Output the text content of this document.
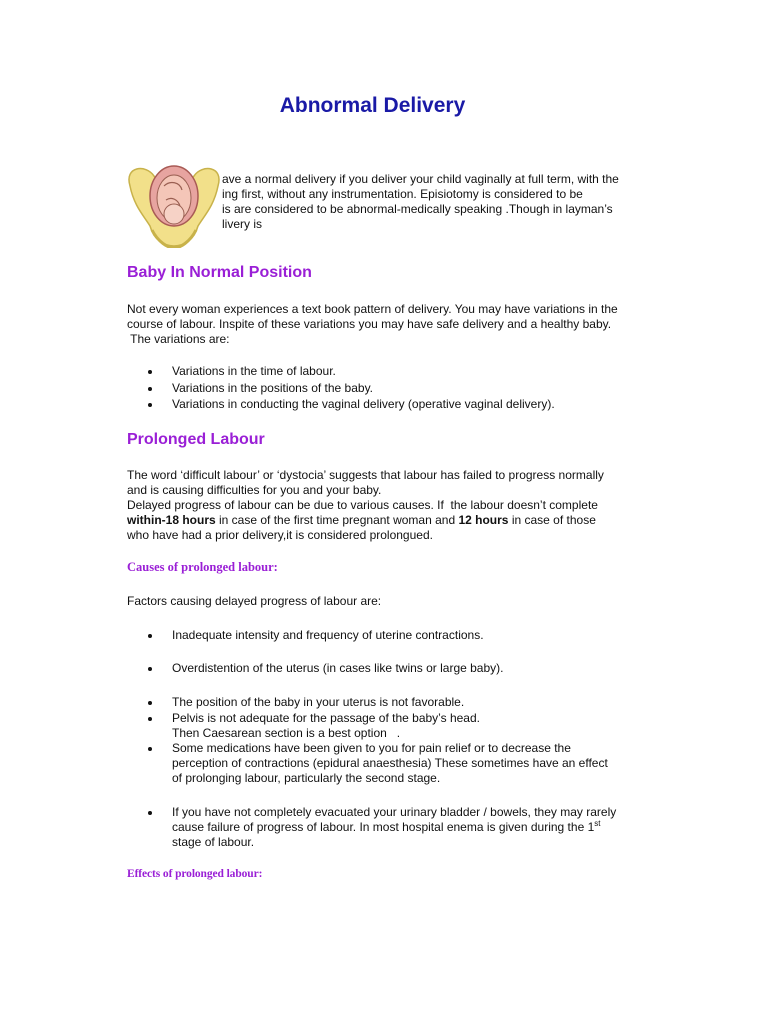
Abnormal Delivery
ave a normal delivery if you deliver your child vaginally at full term, with the
ing first, without any instrumentation. Episiotomy is considered to be
is are considered to be abnormal-medically speaking .Though in layman’s
livery is
Baby In Normal Position
Not every woman experiences a text book pattern of delivery. You may have variations in the
course of labour. Inspite of these variations you may have safe delivery and a healthy baby.
The variations are:
Variations in the time of labour.
Variations in the positions of the baby.
Variations in conducting the vaginal delivery (operative vaginal delivery).
Prolonged Labour
The word ‘difficult labour’ or ‘dystocia’ suggests that labour has failed to progress normally
and is causing difficulties for you and your baby.
Delayed progress of labour can be due to various causes. If  the labour doesn’t complete
within-18 hours in case of the first time pregnant woman and 12 hours in case of those
who have had a prior delivery,it is considered prolongued.
Causes of prolonged labour:
Factors causing delayed progress of labour are:
Inadequate intensity and frequency of uterine contractions.
Overdistention of the uterus (in cases like twins or large baby).
The position of the baby in your uterus is not favorable.
Pelvis is not adequate for the passage of the baby’s head.
Then Caesarean section is a best option   .
Some medications have been given to you for pain relief or to decrease the
perception of contractions (epidural anaesthesia) These sometimes have an effect
of prolonging labour, particularly the second stage.
If you have not completely evacuated your urinary bladder / bowels, they may rarely
cause failure of progress of labour. In most hospital enema is given during the 1st
stage of labour.
Effects of prolonged labour:
